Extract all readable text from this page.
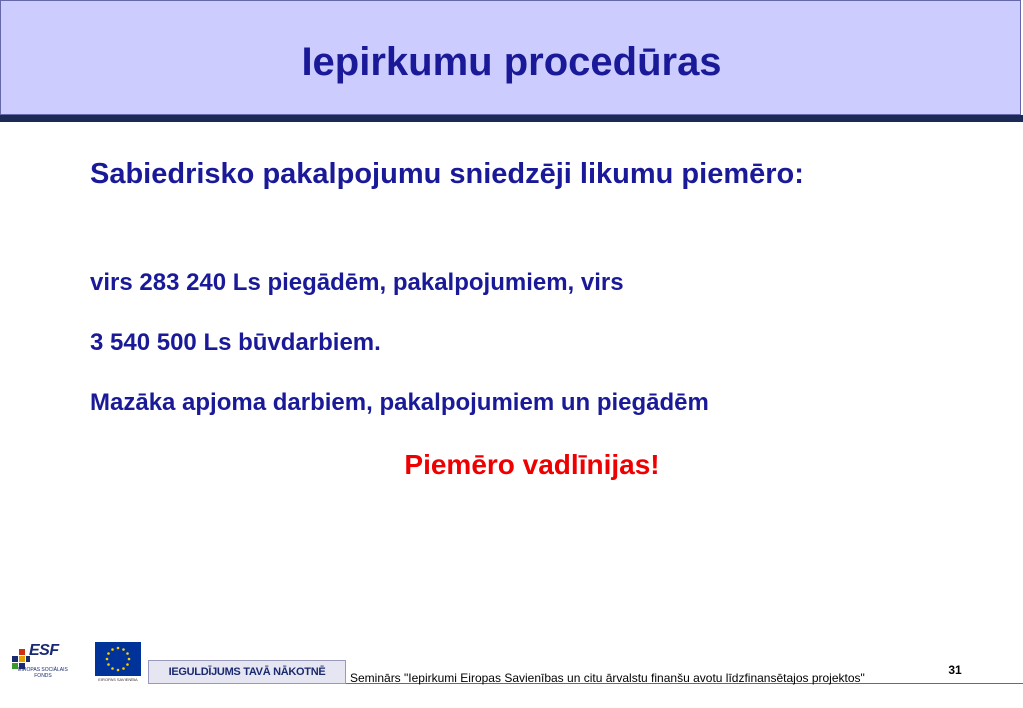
Iepirkumu procedūras
Sabiedrisko pakalpojumu sniedzēji likumu piemēro:
virs 283 240 Ls piegādēm, pakalpojumiem, virs
3 540 500 Ls būvdarbiem.
Mazāka apjoma darbiem, pakalpojumiem un piegādēm
Piemēro vadlīnijas!
ESF
EIROPAS SOCIĀLAIS FONDS
EIROPAS SAVIENĪBA
IEGULDĪJUMS TAVĀ NĀKOTNĒ	Seminārs "Iepirkumi Eiropas Savienības un citu ārvalstu finanšu avotu līdzfinansētajos projektos"
31
